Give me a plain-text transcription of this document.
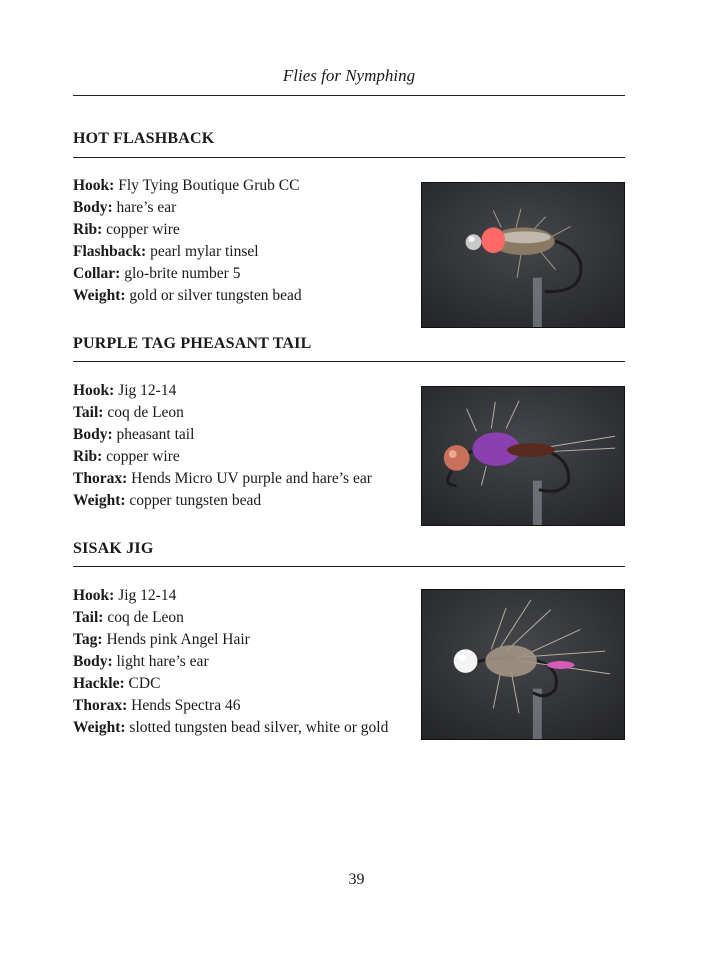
Flies for Nymphing
HOT FLASHBACK
Hook: Fly Tying Boutique Grub CC
Body: hare’s ear
Rib: copper wire
Flashback: pearl mylar tinsel
Collar: glo-brite number 5
Weight: gold or silver tungsten bead
PURPLE TAG PHEASANT TAIL
Hook: Jig 12-14
Tail: coq de Leon
Body: pheasant tail
Rib: copper wire
Thorax: Hends Micro UV purple and hare’s ear
Weight: copper tungsten bead
SISAK JIG
Hook: Jig 12-14
Tail: coq de Leon
Tag: Hends pink Angel Hair
Body: light hare’s ear
Hackle: CDC
Thorax: Hends Spectra 46
Weight: slotted tungsten bead silver, white or gold
39
